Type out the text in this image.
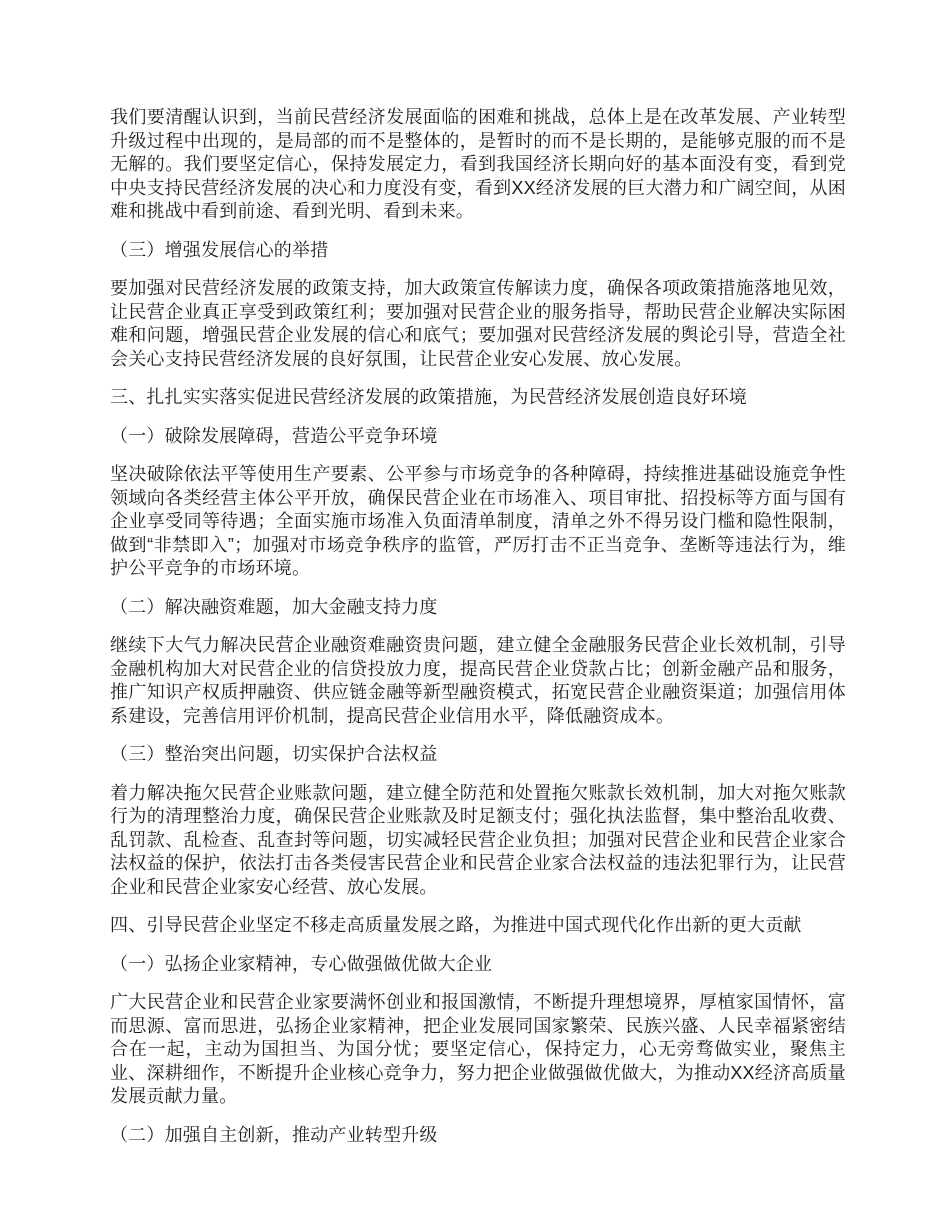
我们要清醒认识到，当前民营经济发展面临的困难和挑战，总体上是在改革发展、产业转型升级过程中出现的，是局部的而不是整体的，是暂时的而不是长期的，是能够克服的而不是无解的。我们要坚定信心，保持发展定力，看到我国经济长期向好的基本面没有变，看到党中央支持民营经济发展的决心和力度没有变，看到XX经济发展的巨大潜力和广阔空间，从困难和挑战中看到前途、看到光明、看到未来。

（三）增强发展信心的举措

要加强对民营经济发展的政策支持，加大政策宣传解读力度，确保各项政策措施落地见效，让民营企业真正享受到政策红利；要加强对民营企业的服务指导，帮助民营企业解决实际困难和问题，增强民营企业发展的信心和底气；要加强对民营经济发展的舆论引导，营造全社会关心支持民营经济发展的良好氛围，让民营企业安心发展、放心发展。

三、扎扎实实落实促进民营经济发展的政策措施，为民营经济发展创造良好环境

（一）破除发展障碍，营造公平竞争环境

坚决破除依法平等使用生产要素、公平参与市场竞争的各种障碍，持续推进基础设施竞争性领域向各类经营主体公平开放，确保民营企业在市场准入、项目审批、招投标等方面与国有企业享受同等待遇；全面实施市场准入负面清单制度，清单之外不得另设门槛和隐性限制，做到“非禁即入”；加强对市场竞争秩序的监管，严厉打击不正当竞争、垄断等违法行为，维护公平竞争的市场环境。

（二）解决融资难题，加大金融支持力度

继续下大气力解决民营企业融资难融资贵问题，建立健全金融服务民营企业长效机制，引导金融机构加大对民营企业的信贷投放力度，提高民营企业贷款占比；创新金融产品和服务，推广知识产权质押融资、供应链金融等新型融资模式，拓宽民营企业融资渠道；加强信用体系建设，完善信用评价机制，提高民营企业信用水平，降低融资成本。

（三）整治突出问题，切实保护合法权益

着力解决拖欠民营企业账款问题，建立健全防范和处置拖欠账款长效机制，加大对拖欠账款行为的清理整治力度，确保民营企业账款及时足额支付；强化执法监督，集中整治乱收费、乱罚款、乱检查、乱查封等问题，切实减轻民营企业负担；加强对民营企业和民营企业家合法权益的保护，依法打击各类侵害民营企业和民营企业家合法权益的违法犯罪行为，让民营企业和民营企业家安心经营、放心发展。

四、引导民营企业坚定不移走高质量发展之路，为推进中国式现代化作出新的更大贡献

（一）弘扬企业家精神，专心做强做优做大企业

广大民营企业和民营企业家要满怀创业和报国激情，不断提升理想境界，厚植家国情怀，富而思源、富而思进，弘扬企业家精神，把企业发展同国家繁荣、民族兴盛、人民幸福紧密结合在一起，主动为国担当、为国分忧；要坚定信心，保持定力，心无旁骛做实业，聚焦主业、深耕细作，不断提升企业核心竞争力，努力把企业做强做优做大，为推动XX经济高质量发展贡献力量。

（二）加强自主创新，推动产业转型升级
